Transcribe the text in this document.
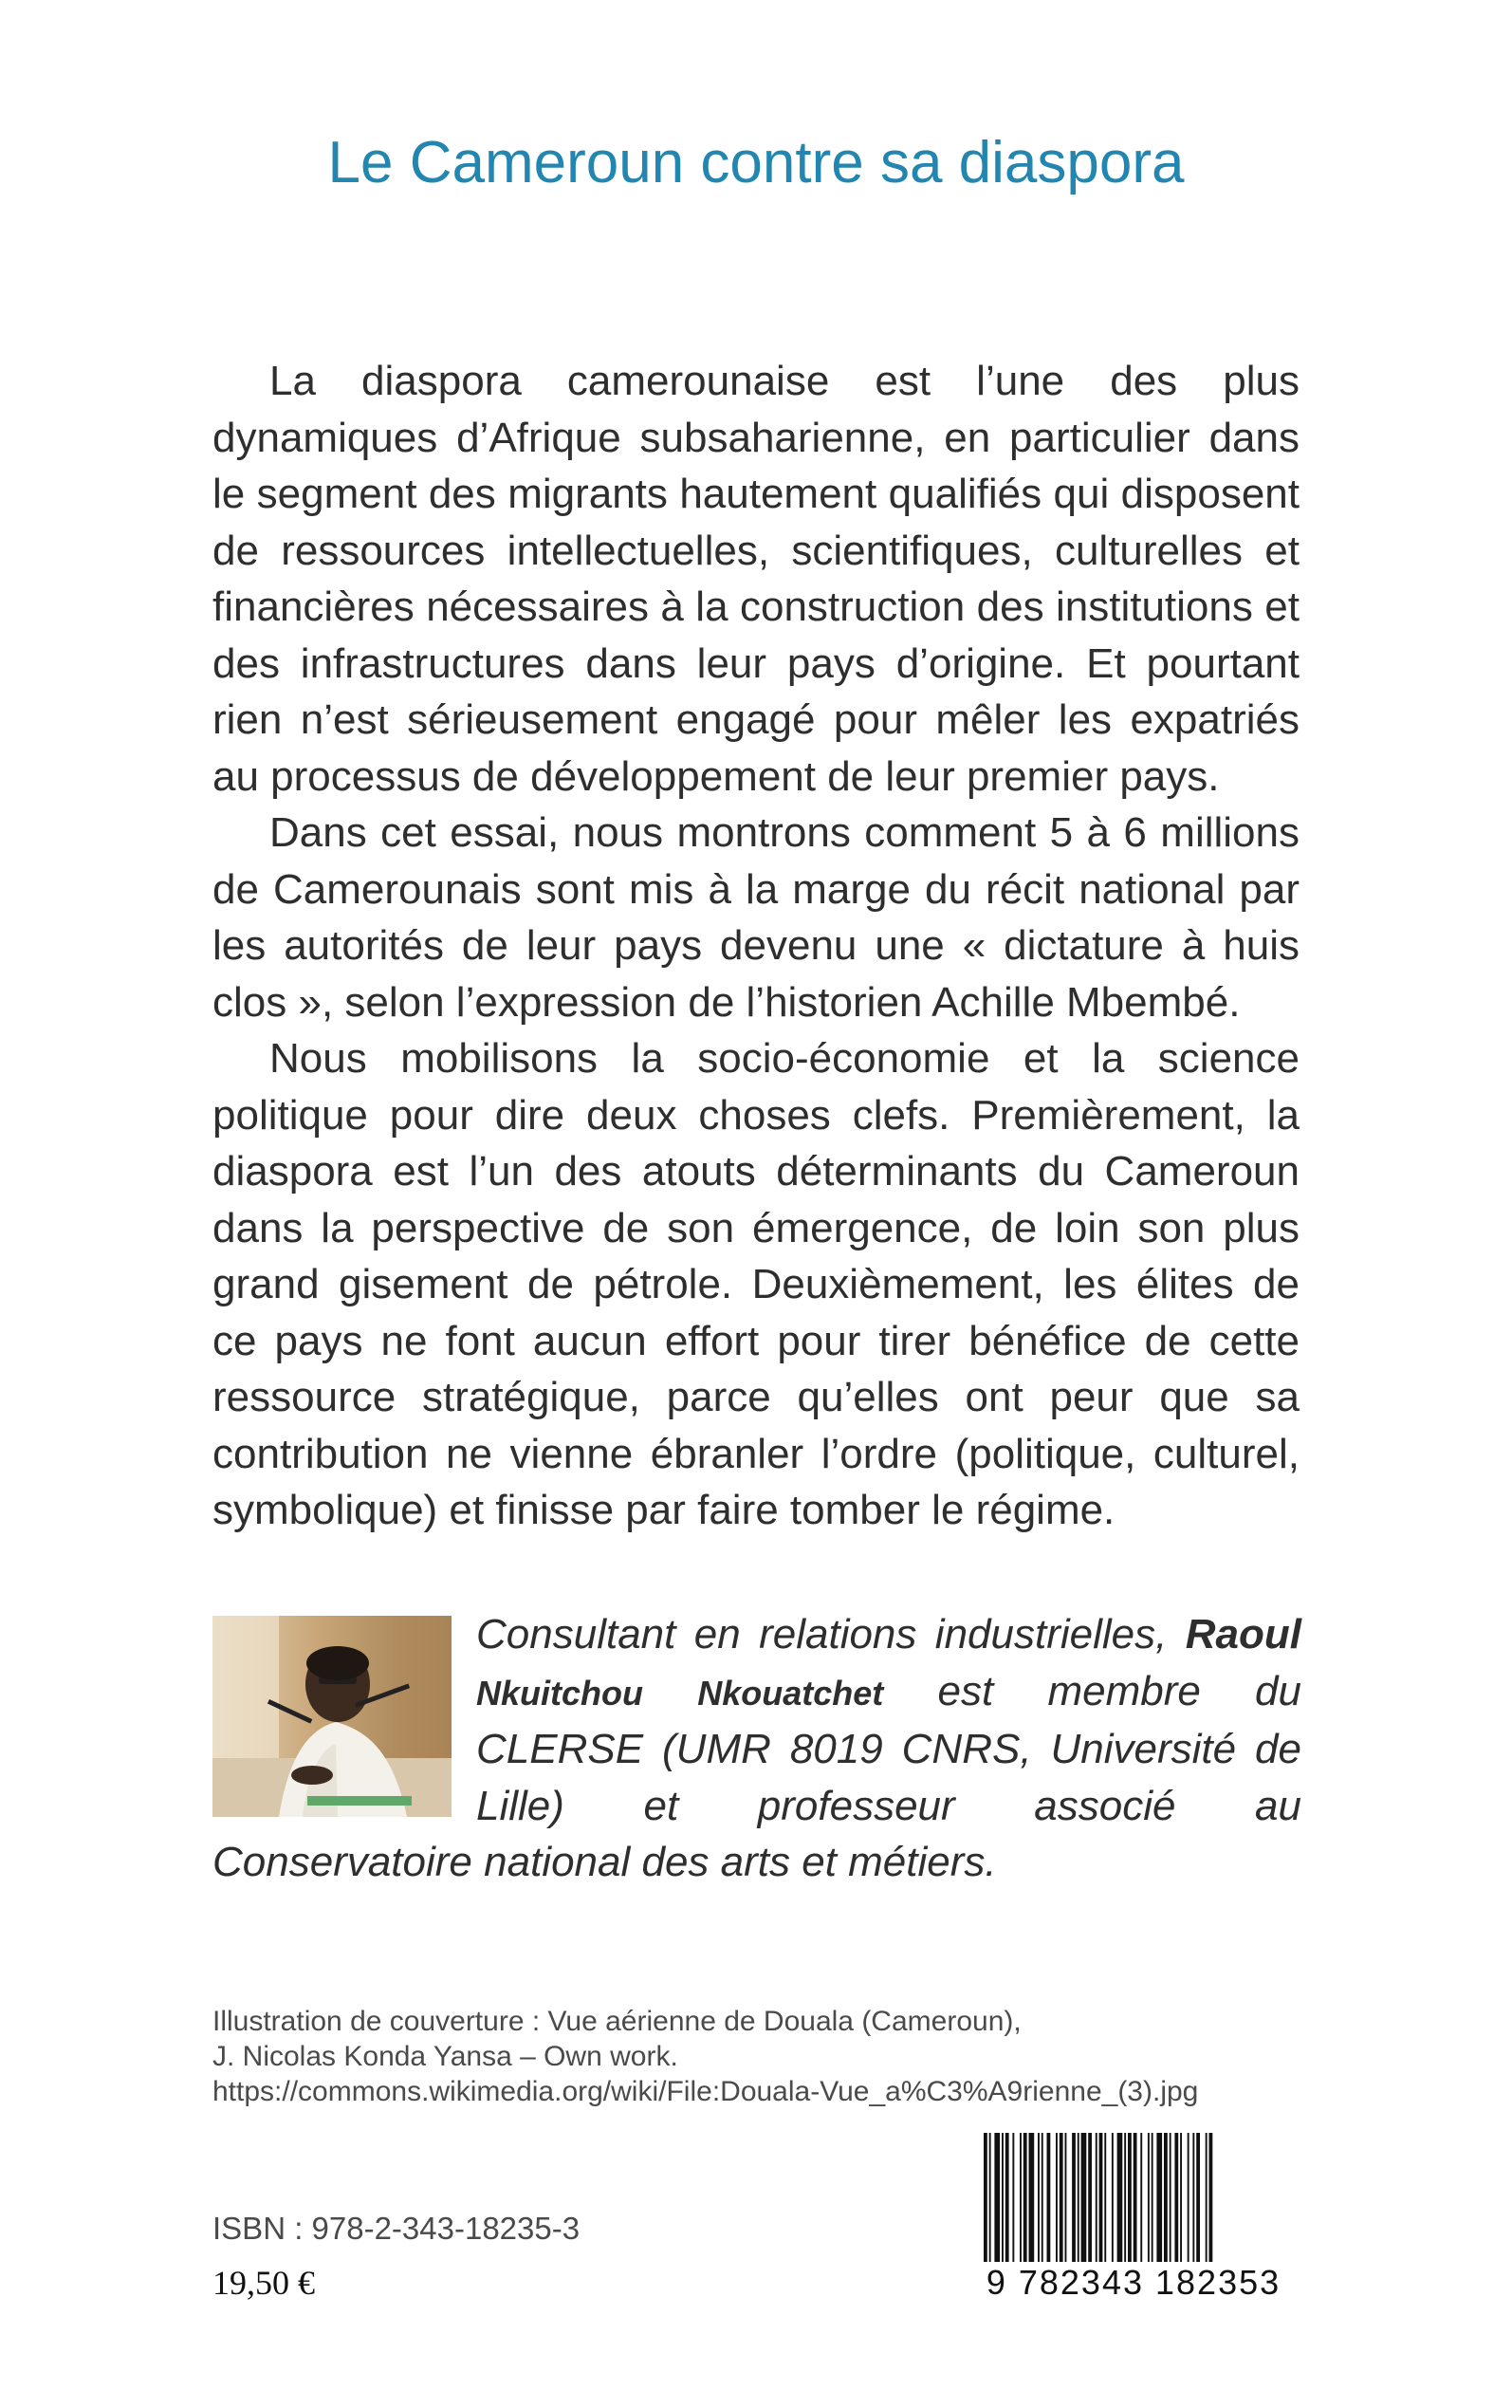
Le Cameroun contre sa diaspora

La diaspora camerounaise est l’une des plus dynamiques d’Afrique subsaharienne, en particulier dans le segment des migrants hautement qualifiés qui disposent de ressources intellectuelles, scientifiques, culturelles et financières nécessaires à la construction des institutions et des infrastructures dans leur pays d’origine. Et pourtant rien n’est sérieusement engagé pour mêler les expatriés au processus de développement de leur premier pays.

Dans cet essai, nous montrons comment 5 à 6 millions de Camerounais sont mis à la marge du récit national par les autorités de leur pays devenu une « dictature à huis clos », selon l’expression de l’historien Achille Mbembé.

Nous mobilisons la socio-économie et la science politique pour dire deux choses clefs. Premièrement, la diaspora est l’un des atouts déterminants du Cameroun dans la perspective de son émergence, de loin son plus grand gisement de pétrole. Deuxièmement, les élites de ce pays ne font aucun effort pour tirer bénéfice de cette ressource stratégique, parce qu’elles ont peur que sa contribution ne vienne ébranler l’ordre (politique, culturel, symbolique) et finisse par faire tomber le régime.

Consultant en relations industrielles, Raoul Nkuitchou Nkouatchet est membre du CLERSE (UMR 8019 CNRS, Université de Lille) et professeur associé au Conservatoire national des arts et métiers.
Illustration de couverture : Vue aérienne de Douala (Cameroun),
J. Nicolas Konda Yansa – Own work.
https://commons.wikimedia.org/wiki/File:Douala-Vue_a%C3%A9rienne_(3).jpg
ISBN : 978-2-343-18235-3
19,50 €	9 782343 182353
